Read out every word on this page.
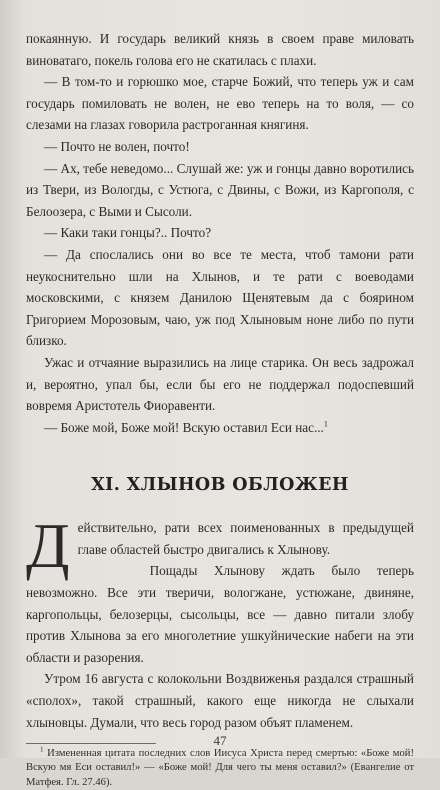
покаянную. И государь великий князь в своем праве миловать виноватаго, покель голова его не скатилась с плахи.

— В том-то и горюшко мое, старче Божий, что теперь уж и сам государь помиловать не волен, не ево теперь на то воля, — со слезами на глазах говорила растроганная княгиня.

— Почто не волен, почто!

— Ах, тебе неведомо... Слушай же: уж и гонцы давно воротились из Твери, из Вологды, с Устюга, с Двины, с Вожи, из Каргополя, с Белоозера, с Выми и Сысоли.

— Каки таки гонцы?.. Почто?

— Да спослались они во все те места, чтоб тамони рати неукоснительно шли на Хлынов, и те рати с воеводами московскими, с князем Данилою Щенятевым да с боярином Григорием Морозовым, чаю, уж под Хлыновым ноне либо по пути близко.

Ужас и отчаяние выразились на лице старика. Он весь задрожал и, вероятно, упал бы, если бы его не поддержал подоспевший вовремя Аристотель Фиоравенти.

— Боже мой, Боже мой! Вскую оставил Еси нас...$^1$

XI. ХЛЫНОВ ОБЛОЖЕН

Действительно, рати всех поименованных в предыдущей главе областей быстро двигались к Хлынову.

Пощады Хлынову ждать было теперь невозможно. Все эти тверичи, вологжане, устюжане, двиняне, каргопольцы, белозерцы, сысольцы, все — давно питали злобу против Хлынова за его многолетние ушкуйнические набеги на эти области и разорения.

Утром 16 августа с колокольни Воздвиженья раздался страшный «сполох», такой страшный, какого еще никогда не слыхали хлыновцы. Думали, что весь город разом объят пламенем.

$^1$ Измененная цитата последних слов Иисуса Христа перед смертью: «Боже мой! Вскую мя Еси оставил!» — «Боже мой! Для чего ты меня оставил?» (Евангелие от Матфея. Гл. 27.46).

47
